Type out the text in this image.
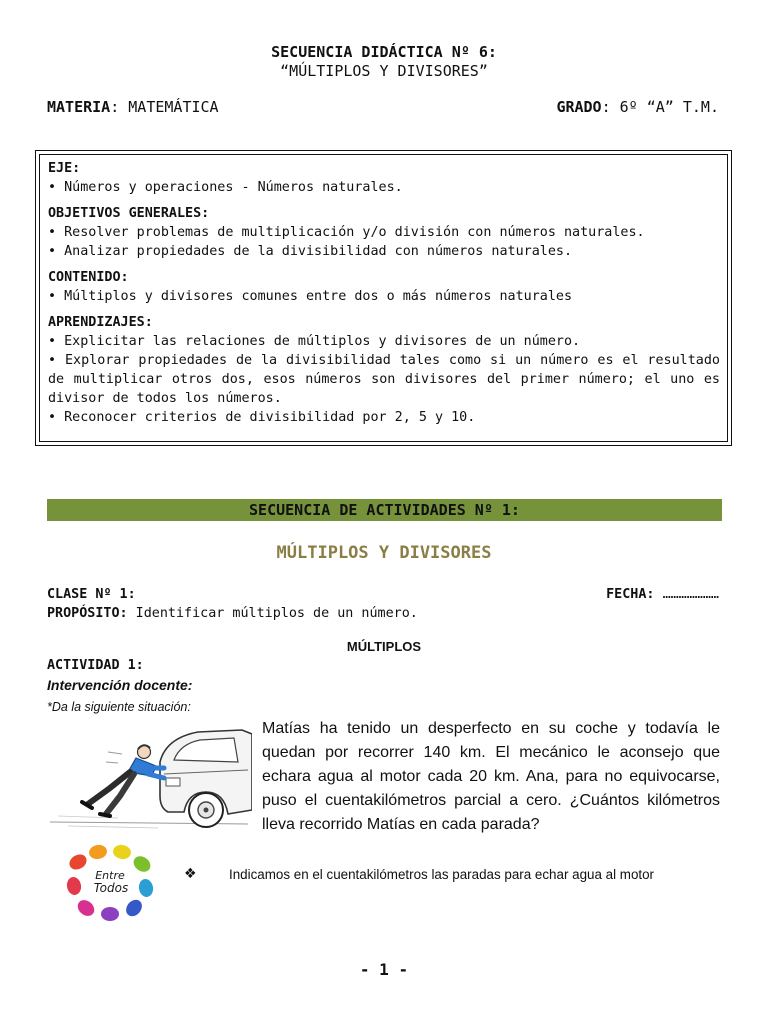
SECUENCIA DIDÁCTICA Nº 6:
“MÚLTIPLOS Y DIVISORES”
MATERIA: MATEMÁTICA	GRADO: 6º “A” T.M.
EJE:
• Números y operaciones - Números naturales.
OBJETIVOS GENERALES:
• Resolver problemas de multiplicación y/o división con números naturales.
• Analizar propiedades de la divisibilidad con números naturales.
CONTENIDO:
• Múltiplos y divisores comunes entre dos o más números naturales
APRENDIZAJES:
• Explicitar las relaciones de múltiplos y divisores de un número.
• Explorar propiedades de la divisibilidad tales como si un número es el resultado de multiplicar otros dos, esos números son divisores del primer número; el uno es divisor de todos los números.
• Reconocer criterios de divisibilidad por 2, 5 y 10.
SECUENCIA DE ACTIVIDADES Nº 1:
MÚLTIPLOS Y DIVISORES
CLASE Nº 1:	FECHA: …………………
PROPÓSITO: Identificar múltiplos de un número.
MÚLTIPLOS
ACTIVIDAD 1:
Intervención docente:
*Da la siguiente situación:
Matías ha tenido un desperfecto en su coche y todavía le quedan por recorrer 140 km. El mecánico le aconsejo que echara agua al motor cada 20 km. Ana, para no equivocarse, puso el cuentakilómetros parcial a cero. ¿Cuántos kilómetros lleva recorrido Matías en cada parada?
Entre
Todos
❖ Indicamos en el cuentakilómetros las paradas para echar agua al motor
- 1 -
